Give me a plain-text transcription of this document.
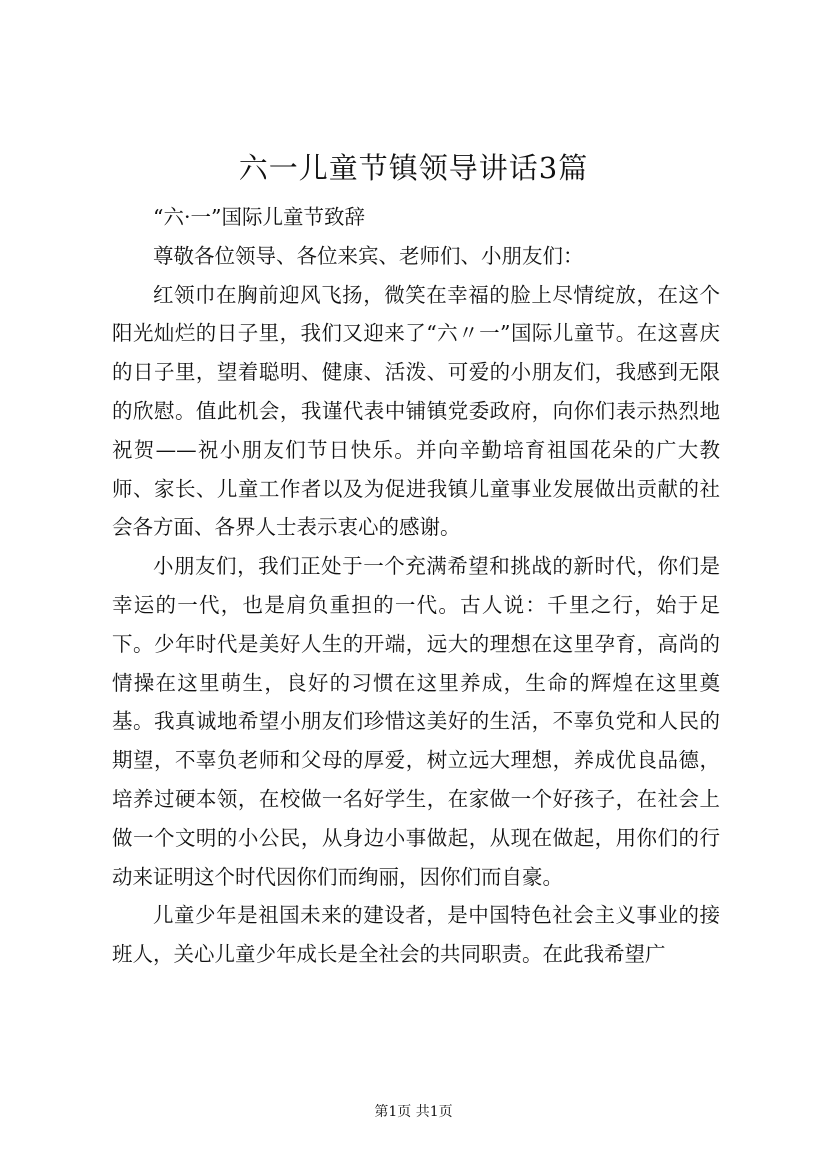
六一儿童节镇领导讲话3篇

“六·一”国际儿童节致辞

尊敬各位领导、各位来宾、老师们、小朋友们：

红领巾在胸前迎风飞扬，微笑在幸福的脸上尽情绽放，在这个阳光灿烂的日子里，我们又迎来了“六〃一”国际儿童节。在这喜庆的日子里，望着聪明、健康、活泼、可爱的小朋友们，我感到无限的欣慰。值此机会，我谨代表中铺镇党委政府，向你们表示热烈地祝贺——祝小朋友们节日快乐。并向辛勤培育祖国花朵的广大教师、家长、儿童工作者以及为促进我镇儿童事业发展做出贡献的社会各方面、各界人士表示衷心的感谢。

小朋友们，我们正处于一个充满希望和挑战的新时代，你们是幸运的一代，也是肩负重担的一代。古人说：千里之行，始于足下。少年时代是美好人生的开端，远大的理想在这里孕育，高尚的情操在这里萌生，良好的习惯在这里养成，生命的辉煌在这里奠基。我真诚地希望小朋友们珍惜这美好的生活，不辜负党和人民的期望，不辜负老师和父母的厚爱，树立远大理想，养成优良品德，培养过硬本领，在校做一名好学生，在家做一个好孩子，在社会上做一个文明的小公民，从身边小事做起，从现在做起，用你们的行动来证明这个时代因你们而绚丽，因你们而自豪。

儿童少年是祖国未来的建设者，是中国特色社会主义事业的接班人，关心儿童少年成长是全社会的共同职责。在此我希望广

第1页 共1页
